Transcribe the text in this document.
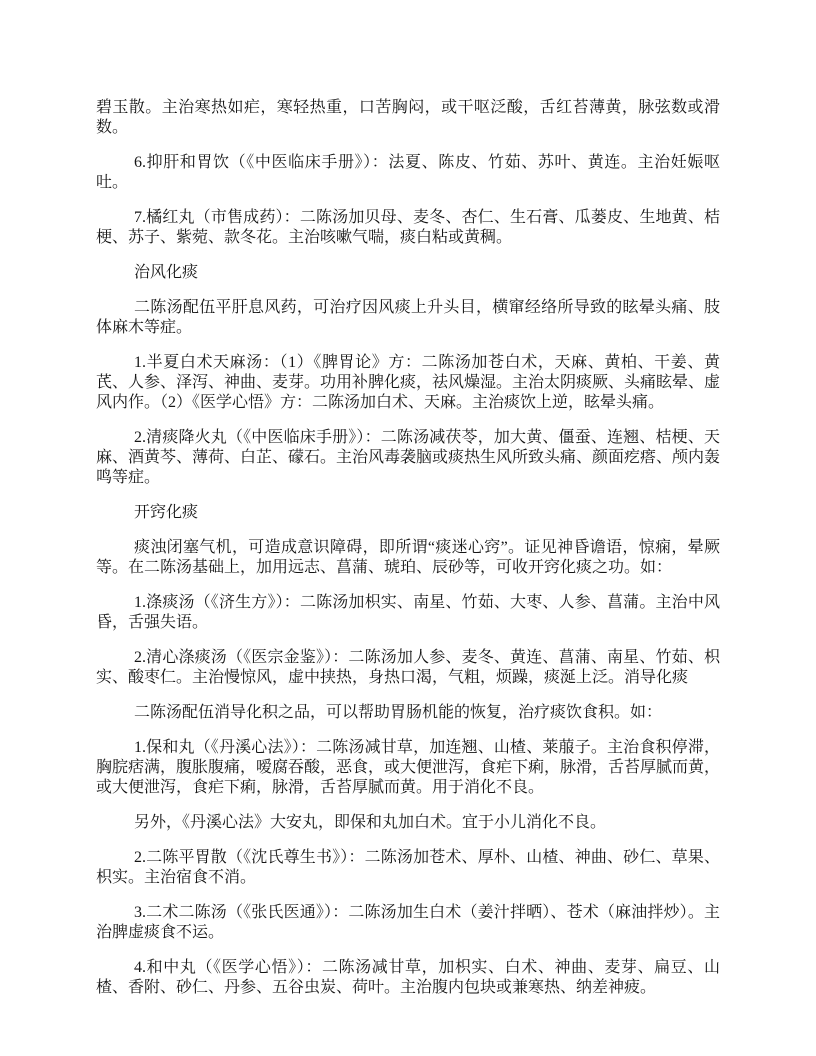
碧玉散。主治寒热如疟，寒轻热重，口苦胸闷，或干呕泛酸，舌红苔薄黄，脉弦数或滑数。

6.抑肝和胃饮（《中医临床手册》）：法夏、陈皮、竹茹、苏叶、黄连。主治妊娠呕吐。

7.橘红丸（市售成药）：二陈汤加贝母、麦冬、杏仁、生石膏、瓜蒌皮、生地黄、桔梗、苏子、紫菀、款冬花。主治咳嗽气喘，痰白粘或黄稠。

治风化痰

二陈汤配伍平肝息风药，可治疗因风痰上升头目，横窜经络所导致的眩晕头痛、肢体麻木等症。

1.半夏白术天麻汤：（1）《脾胃论》方：二陈汤加苍白术，天麻、黄柏、干姜、黄芪、人参、泽泻、神曲、麦芽。功用补脾化痰，祛风燥湿。主治太阴痰厥、头痛眩晕、虚风内作。（2）《医学心悟》方：二陈汤加白术、天麻。主治痰饮上逆，眩晕头痛。

2.清痰降火丸（《中医临床手册》）：二陈汤减茯苓，加大黄、僵蚕、连翘、桔梗、天麻、酒黄芩、薄荷、白芷、礞石。主治风毒袭脑或痰热生风所致头痛、颜面疙瘩、颅内轰鸣等症。

开窍化痰

痰浊闭塞气机，可造成意识障碍，即所谓“痰迷心窍”。证见神昏谵语，惊痫，晕厥等。在二陈汤基础上，加用远志、菖蒲、琥珀、辰砂等，可收开窍化痰之功。如：

1.涤痰汤（《济生方》）：二陈汤加枳实、南星、竹茹、大枣、人参、菖蒲。主治中风昏，舌强失语。

2.清心涤痰汤（《医宗金鉴》）：二陈汤加人参、麦冬、黄连、菖蒲、南星、竹茹、枳实、酸枣仁。主治慢惊风，虚中挟热，身热口渴，气粗，烦躁，痰涎上泛。消导化痰

二陈汤配伍消导化积之品，可以帮助胃肠机能的恢复，治疗痰饮食积。如：

1.保和丸（《丹溪心法》）：二陈汤减甘草，加连翘、山楂、莱菔子。主治食积停滞，胸脘痞满，腹胀腹痛，嗳腐吞酸，恶食，或大便泄泻，食疟下痢，脉滑，舌苔厚腻而黄，或大便泄泻，食疟下痢，脉滑，舌苔厚腻而黄。用于消化不良。

另外，《丹溪心法》大安丸，即保和丸加白术。宜于小儿消化不良。

2.二陈平胃散（《沈氏尊生书》）：二陈汤加苍术、厚朴、山楂、神曲、砂仁、草果、枳实。主治宿食不消。

3.二术二陈汤（《张氏医通》）：二陈汤加生白术（姜汁拌晒）、苍术（麻油拌炒）。主治脾虚痰食不运。

4.和中丸（《医学心悟》）：二陈汤减甘草，加枳实、白术、神曲、麦芽、扁豆、山楂、香附、砂仁、丹参、五谷虫炭、荷叶。主治腹内包块或兼寒热、纳差神疲。
